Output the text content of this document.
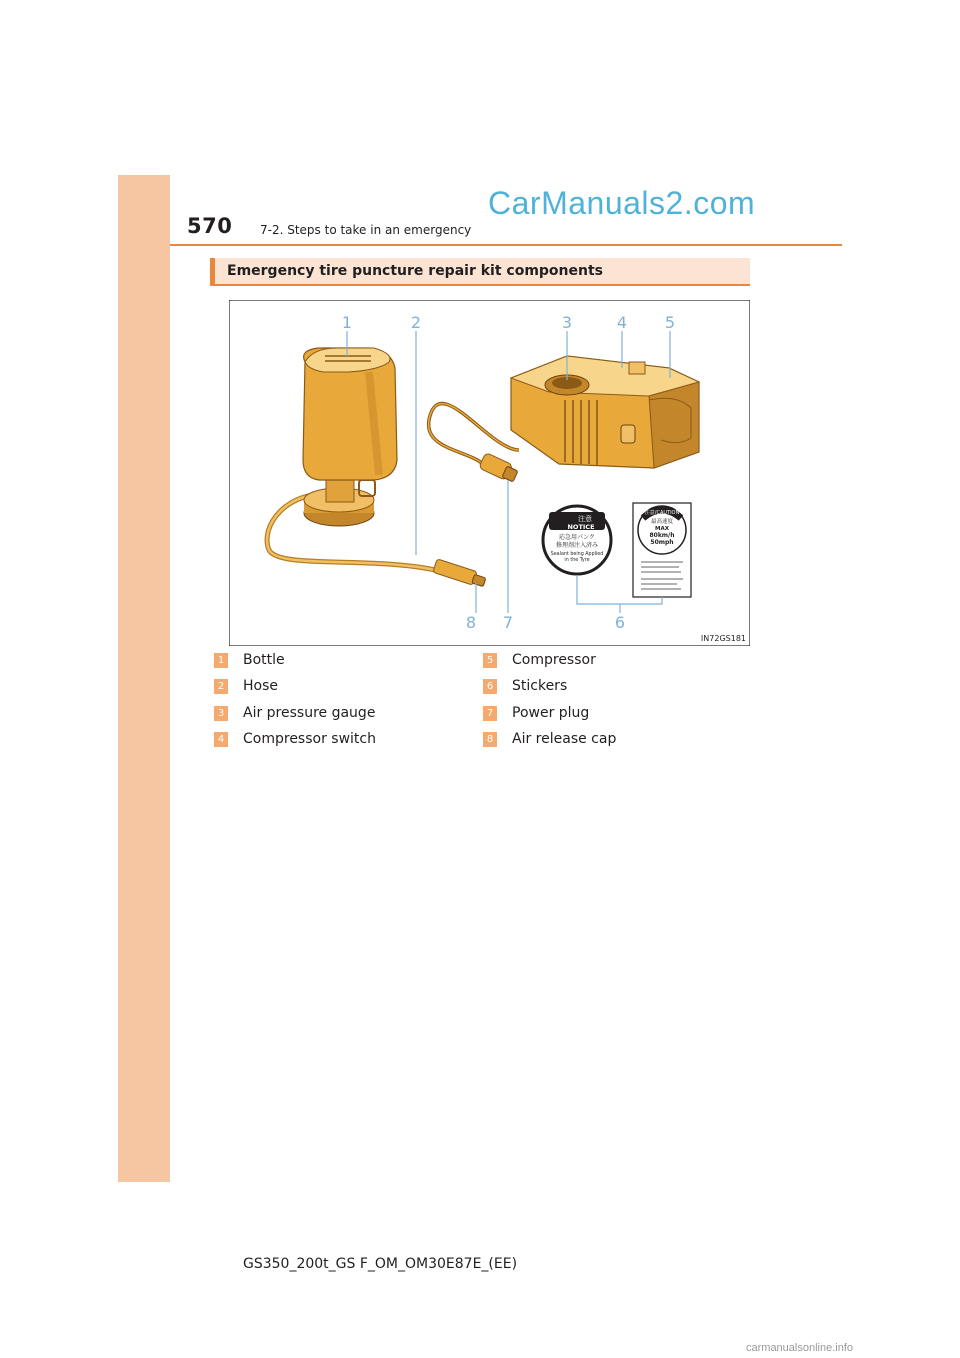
570 7-2. Steps to take in an emergency
CarManuals2.com
Emergency tire puncture repair kit components
注意
NOTICE
応急用パンク
修理剤注入済み
Sealant being Applied
in the Tyre
注意/CAUTION
最高速度
MAX
80km/h
50mph
1	2	3	4 5
6
7
8
IN72GS181
1 Bottle
2 Hose
3 Air pressure gauge
4 Compressor switch
5 Compressor
6 Stickers
7 Power plug
8 Air release cap
GS350_200t_GS F_OM_OM30E87E_(EE)
carmanualsonline.info
